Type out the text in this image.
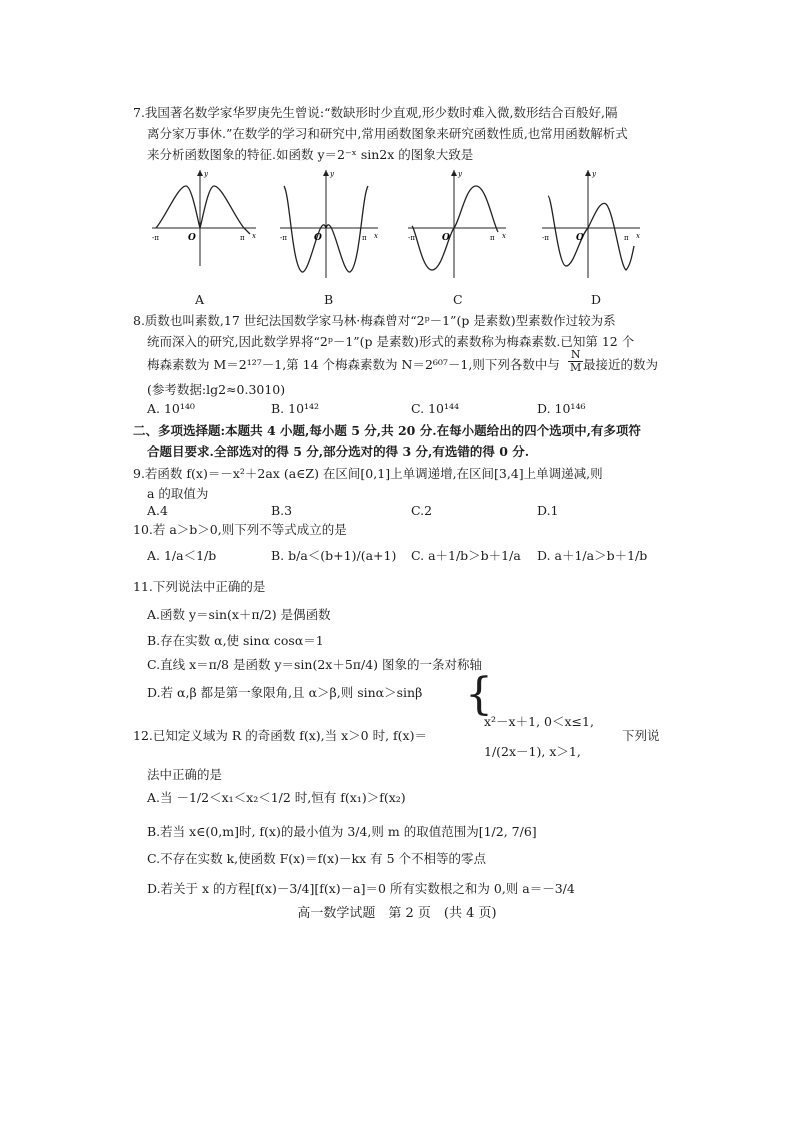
7.我国著名数学家华罗庚先生曾说:“数缺形时少直观,形少数时难入微,数形结合百般好,隔
离分家万事休.”在数学的学习和研究中,常用函数图象来研究函数性质,也常用函数解析式
来分析函数图象的特征.如函数 y＝2⁻ˣ sin2x 的图象大致是
-π	O	π x
y
A
-π	O	π x
y
B
-π	O	π x
y
C
-π	O	π x
y
D
8.质数也叫素数,17 世纪法国数学家马林·梅森曾对“2ᵖ－1”(p 是素数)型素数作过较为系
统而深入的研究,因此数学界将“2ᵖ－1”(p 是素数)形式的素数称为梅森素数.已知第 12 个
梅森素数为 M＝2¹²⁷－1,第 14 个梅森素数为 N＝2⁶⁰⁷－1,则下列各数中与 $\frac{N}{M}$ 最接近的数为
(参考数据:lg2≈0.3010)
A. 10¹⁴⁰	B. 10¹⁴²	C. 10¹⁴⁴	D. 10¹⁴⁶
二、多项选择题:本题共 4 小题,每小题 5 分,共 20 分.在每小题给出的四个选项中,有多项符
合题目要求.全部选对的得 5 分,部分选对的得 3 分,有选错的得 0 分.
9.若函数 f(x)＝－x²＋2ax (a∈Z) 在区间[0,1]上单调递增,在区间[3,4]上单调递减,则
a 的取值为
A.4	B.3	C.2	D.1
10.若 a＞b＞0,则下列不等式成立的是
A. 1/a＜1/b	B. b/a＜(b+1)/(a+1) C. a＋1/b＞b＋1/a D. a＋1/a＞b＋1/b
11.下列说法中正确的是
A.函数 y＝sin(x＋π/2) 是偶函数
B.存在实数 α,使 sinα cosα＝1
C.直线 x＝π/8 是函数 y＝sin(2x＋5π/4) 图象的一条对称轴
D.若 α,β 都是第一象限角,且 α＞β,则 sinα＞sinβ
12.已知定义域为 R 的奇函数 f(x),当 x＞0 时, f(x)＝
{
x²－x＋1, 0＜x≤1,
1/(2x－1), x＞1,
下列说
法中正确的是
A.当 －1/2＜x₁＜x₂＜1/2 时,恒有 f(x₁)＞f(x₂)
B.若当 x∈(0,m]时, f(x)的最小值为 3/4,则 m 的取值范围为[1/2, 7/6]
C.不存在实数 k,使函数 F(x)＝f(x)－kx 有 5 个不相等的零点
D.若关于 x 的方程[f(x)－3/4][f(x)－a]＝0 所有实数根之和为 0,则 a＝－3/4
高一数学试题　第 2 页　(共 4 页)
